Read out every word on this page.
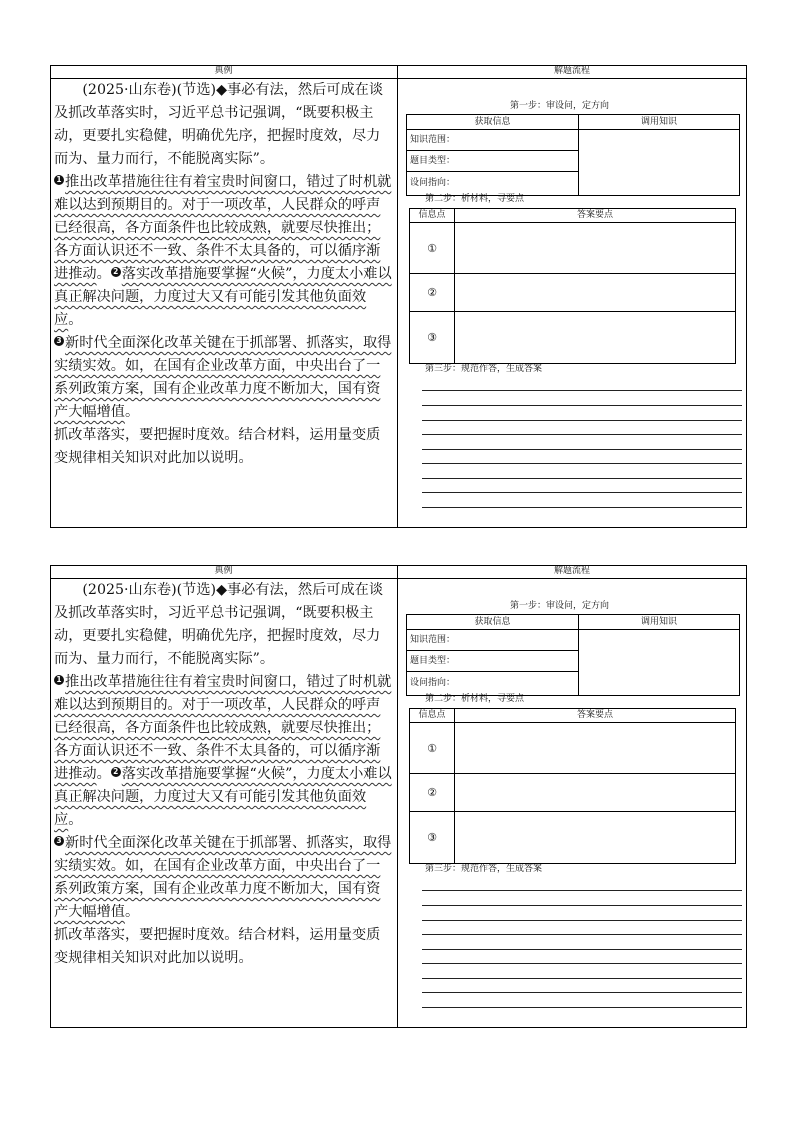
典例	解题流程

(2025·山东卷)(节选)◆事必有法，然后可成在谈及抓改革落实时，习近平总书记强调，“既要积极主动，更要扎实稳健，明确优先序，把握时度效，尽力而为、量力而行，不能脱离实际”。

1 推出改革措施往往有着宝贵时间窗口，错过了时机就难以达到预期目的。对于一项改革，人民群众的呼声已经很高，各方面条件也比较成熟，就要尽快推出；各方面认识还不一致、条件不太具备的，可以循序渐进推动。 2 落实改革措施要掌握“火候”，力度太小难以真正解决问题，力度过大又有可能引发其他负面效应。

3 新时代全面深化改革关键在于抓部署、抓落实，取得实绩实效。如，在国有企业改革方面，中央出台了一系列政策方案，国有企业改革力度不断加大，国有资产大幅增值。

抓改革落实，要把握时度效。结合材料，运用量变质变规律相关知识对此加以说明。

第一步：审设问，定方向
获取信息	调用知识
知识范围：
题目类型：
设问指向：
第二步：析材料，寻要点
信息点	答案要点
①
②
③
第三步：规范作答，生成答案
典例	解题流程

(2025·山东卷)(节选)◆事必有法，然后可成在谈及抓改革落实时，习近平总书记强调，“既要积极主动，更要扎实稳健，明确优先序，把握时度效，尽力而为、量力而行，不能脱离实际”。

1 推出改革措施往往有着宝贵时间窗口，错过了时机就难以达到预期目的。对于一项改革，人民群众的呼声已经很高，各方面条件也比较成熟，就要尽快推出；各方面认识还不一致、条件不太具备的，可以循序渐进推动。 2 落实改革措施要掌握“火候”，力度太小难以真正解决问题，力度过大又有可能引发其他负面效应。

3 新时代全面深化改革关键在于抓部署、抓落实，取得实绩实效。如，在国有企业改革方面，中央出台了一系列政策方案，国有企业改革力度不断加大，国有资产大幅增值。

抓改革落实，要把握时度效。结合材料，运用量变质变规律相关知识对此加以说明。

第一步：审设问，定方向
获取信息	调用知识
知识范围：
题目类型：
设问指向：
第二步：析材料，寻要点
信息点	答案要点
①
②
③
第三步：规范作答，生成答案
